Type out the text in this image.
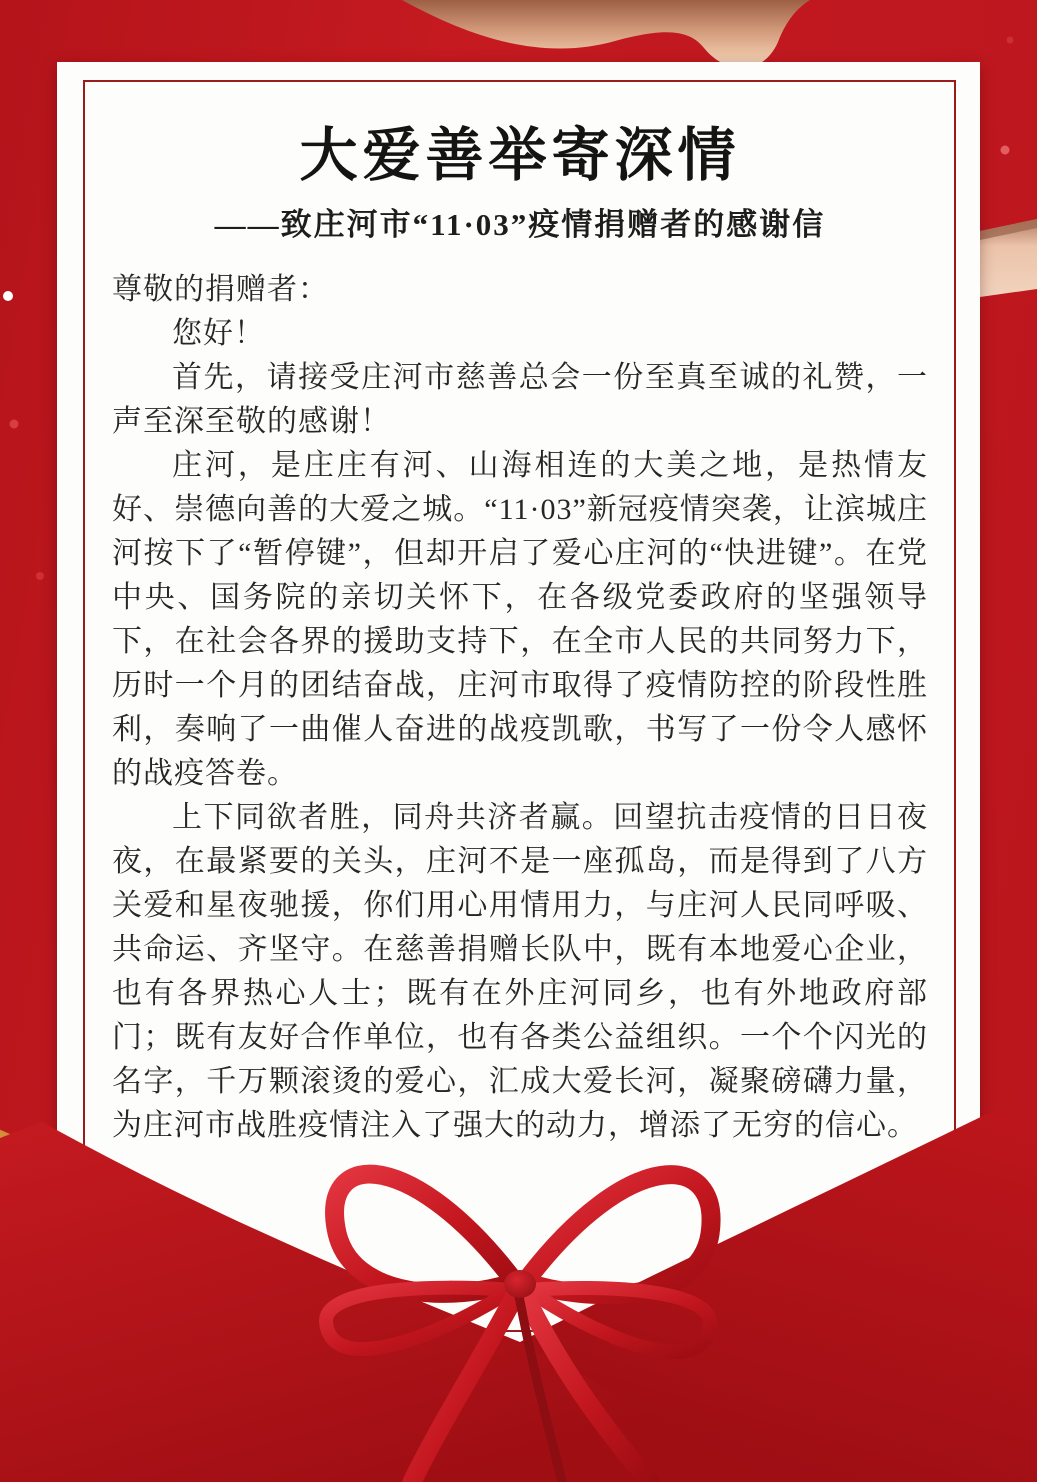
大爱善举寄深情
——致庄河市“11·03”疫情捐赠者的感谢信

尊敬的捐赠者：

您好！

首先，请接受庄河市慈善总会一份至真至诚的礼赞，一声至深至敬的感谢！

庄河，是庄庄有河、山海相连的大美之地，是热情友好、崇德向善的大爱之城。“11·03”新冠疫情突袭，让滨城庄河按下了“暂停键”，但却开启了爱心庄河的“快进键”。在党中央、国务院的亲切关怀下，在各级党委政府的坚强领导下，在社会各界的援助支持下，在全市人民的共同努力下，历时一个月的团结奋战，庄河市取得了疫情防控的阶段性胜利，奏响了一曲催人奋进的战疫凯歌，书写了一份令人感怀的战疫答卷。

上下同欲者胜，同舟共济者赢。回望抗击疫情的日日夜夜，在最紧要的关头，庄河不是一座孤岛，而是得到了八方关爱和星夜驰援，你们用心用情用力，与庄河人民同呼吸、共命运、齐坚守。在慈善捐赠长队中，既有本地爱心企业，也有各界热心人士；既有在外庄河同乡，也有外地政府部门；既有友好合作单位，也有各类公益组织。一个个闪光的名字，千万颗滚烫的爱心，汇成大爱长河，凝聚磅礴力量，为庄河市战胜疫情注入了强大的动力，增添了无穷的信心。
